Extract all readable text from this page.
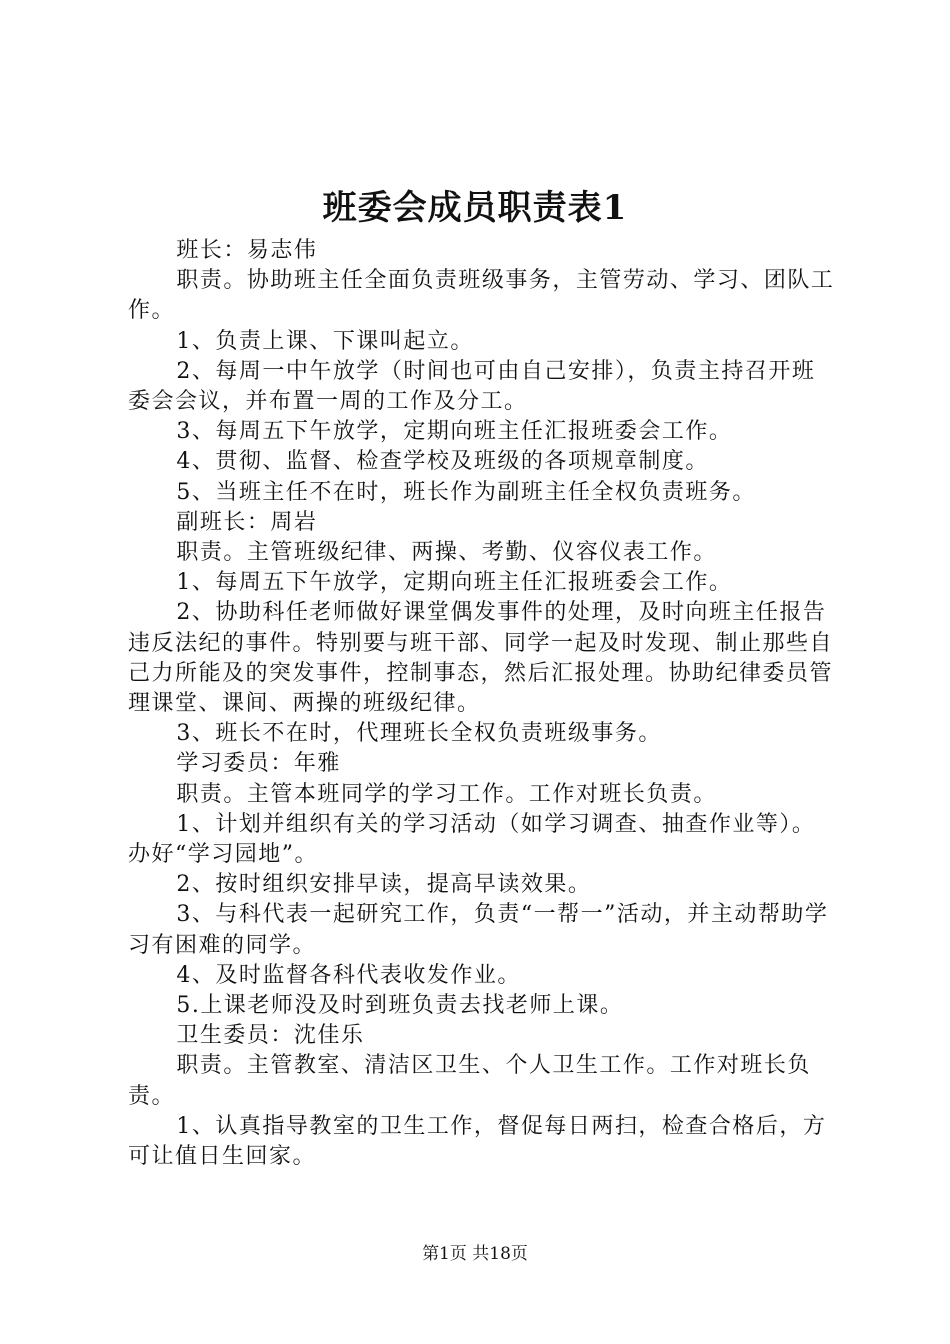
班委会成员职责表1

班长：易志伟

职责。协助班主任全面负责班级事务，主管劳动、学习、团队工作。

1、负责上课、下课叫起立。

2、每周一中午放学（时间也可由自己安排），负责主持召开班委会会议，并布置一周的工作及分工。

3、每周五下午放学，定期向班主任汇报班委会工作。

4、贯彻、监督、检查学校及班级的各项规章制度。

5、当班主任不在时，班长作为副班主任全权负责班务。

副班长：周岩

职责。主管班级纪律、两操、考勤、仪容仪表工作。

1、每周五下午放学，定期向班主任汇报班委会工作。

2、协助科任老师做好课堂偶发事件的处理，及时向班主任报告违反法纪的事件。特别要与班干部、同学一起及时发现、制止那些自己力所能及的突发事件，控制事态，然后汇报处理。协助纪律委员管理课堂、课间、两操的班级纪律。

3、班长不在时，代理班长全权负责班级事务。

学习委员：年雅

职责。主管本班同学的学习工作。工作对班长负责。

1、计划并组织有关的学习活动（如学习调查、抽查作业等）。办好“学习园地”。

2、按时组织安排早读，提高早读效果。

3、与科代表一起研究工作，负责“一帮一”活动，并主动帮助学习有困难的同学。

4、及时监督各科代表收发作业。

5.上课老师没及时到班负责去找老师上课。

卫生委员：沈佳乐

职责。主管教室、清洁区卫生、个人卫生工作。工作对班长负责。

1、认真指导教室的卫生工作，督促每日两扫，检查合格后，方可让值日生回家。

第1页 共18页
